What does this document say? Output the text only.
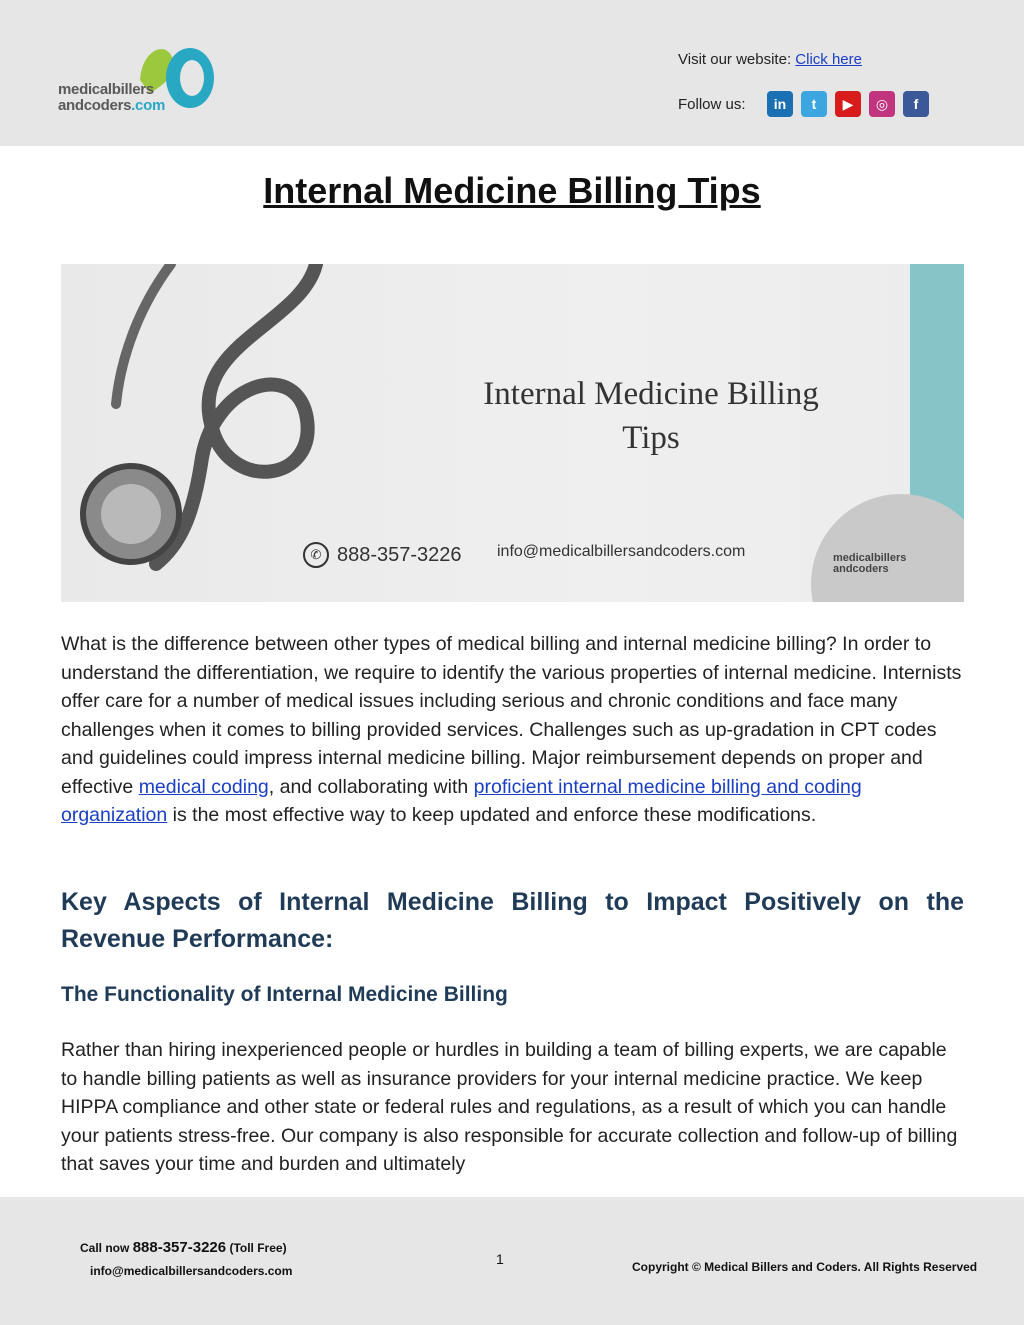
medicalbillers
andcoders.com
Visit our website: Click here
Follow us:	in	t	▶	◎	f
Internal Medicine Billing Tips
Internal Medicine Billing
Tips
✆ 888-357-3226 info@medicalbillersandcoders.com	medicalbillers
andcoders
What is the difference between other types of medical billing and internal medicine billing? In order to understand the differentiation, we require to identify the various properties of internal medicine. Internists offer care for a number of medical issues including serious and chronic conditions and face many challenges when it comes to billing provided services. Challenges such as up-gradation in CPT codes and guidelines could impress internal medicine billing. Major reimbursement depends on proper and effective medical coding, and collaborating with proficient internal medicine billing and coding organization is the most effective way to keep updated and enforce these modifications.
Key Aspects of Internal Medicine Billing to Impact Positively on the Revenue Performance:
The Functionality of Internal Medicine Billing
Rather than hiring inexperienced people or hurdles in building a team of billing experts, we are capable to handle billing patients as well as insurance providers for your internal medicine practice. We keep HIPPA compliance and other state or federal rules and regulations, as a result of which you can handle your patients stress-free. Our company is also responsible for accurate collection and follow-up of billing that saves your time and burden and ultimately
Call now 888-357-3226 (Toll Free)
info@medicalbillersandcoders.com
1	Copyright © Medical Billers and Coders. All Rights Reserved
